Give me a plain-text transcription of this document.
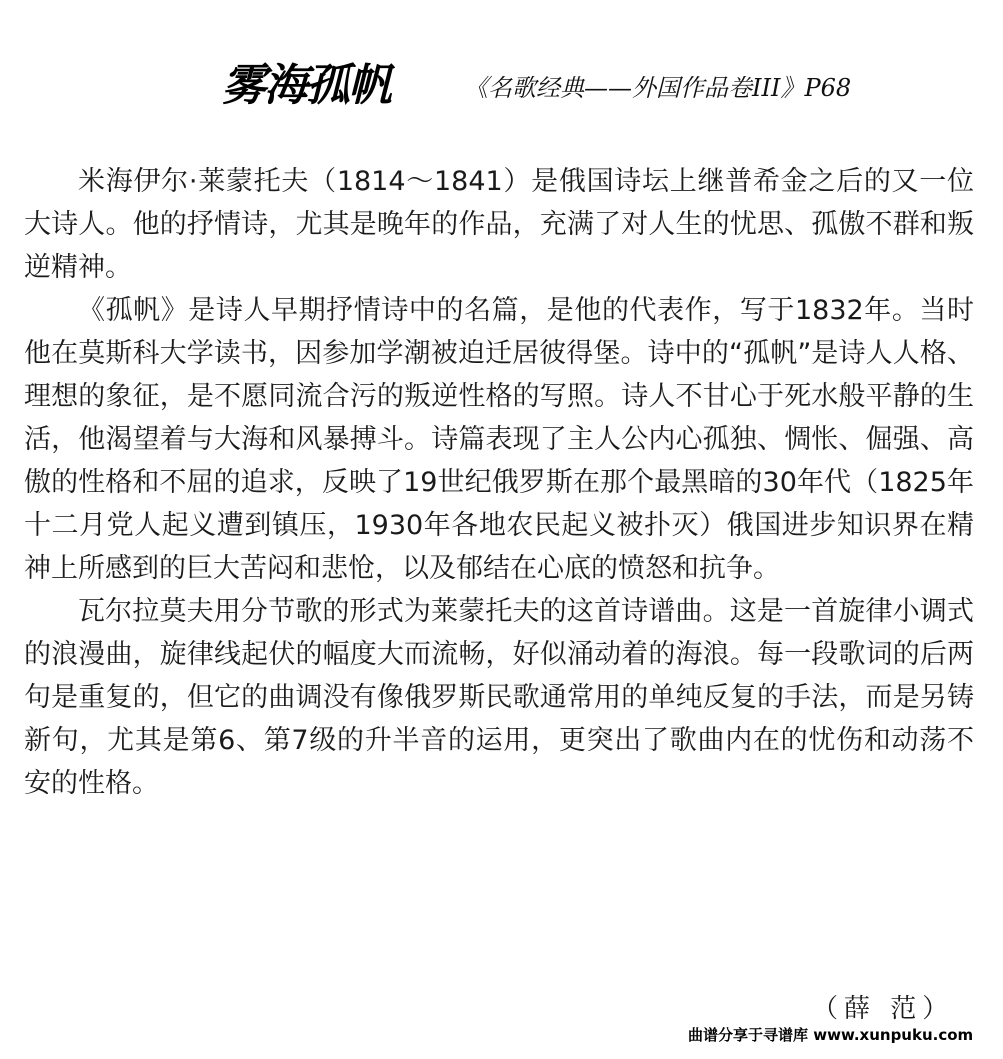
雾海孤帆	《名歌经典——外国作品卷III》P68

米海伊尔·莱蒙托夫（1814～1841）是俄国诗坛上继普希金之后的又一位大诗人。他的抒情诗，尤其是晚年的作品，充满了对人生的忧思、孤傲不群和叛逆精神。

《孤帆》是诗人早期抒情诗中的名篇，是他的代表作，写于1832年。当时他在莫斯科大学读书，因参加学潮被迫迁居彼得堡。诗中的“孤帆”是诗人人格、理想的象征，是不愿同流合污的叛逆性格的写照。诗人不甘心于死水般平静的生活，他渴望着与大海和风暴搏斗。诗篇表现了主人公内心孤独、惆怅、倔强、高傲的性格和不屈的追求，反映了19世纪俄罗斯在那个最黑暗的30年代（1825年十二月党人起义遭到镇压，1930年各地农民起义被扑灭）俄国进步知识界在精神上所感到的巨大苦闷和悲怆，以及郁结在心底的愤怒和抗争。

瓦尔拉莫夫用分节歌的形式为莱蒙托夫的这首诗谱曲。这是一首旋律小调式的浪漫曲，旋律线起伏的幅度大而流畅，好似涌动着的海浪。每一段歌词的后两句是重复的，但它的曲调没有像俄罗斯民歌通常用的单纯反复的手法，而是另铸新句，尤其是第6、第7级的升半音的运用，更突出了歌曲内在的忧伤和动荡不安的性格。

（薛 范）
曲谱分享于寻谱库 www.xunpuku.com
